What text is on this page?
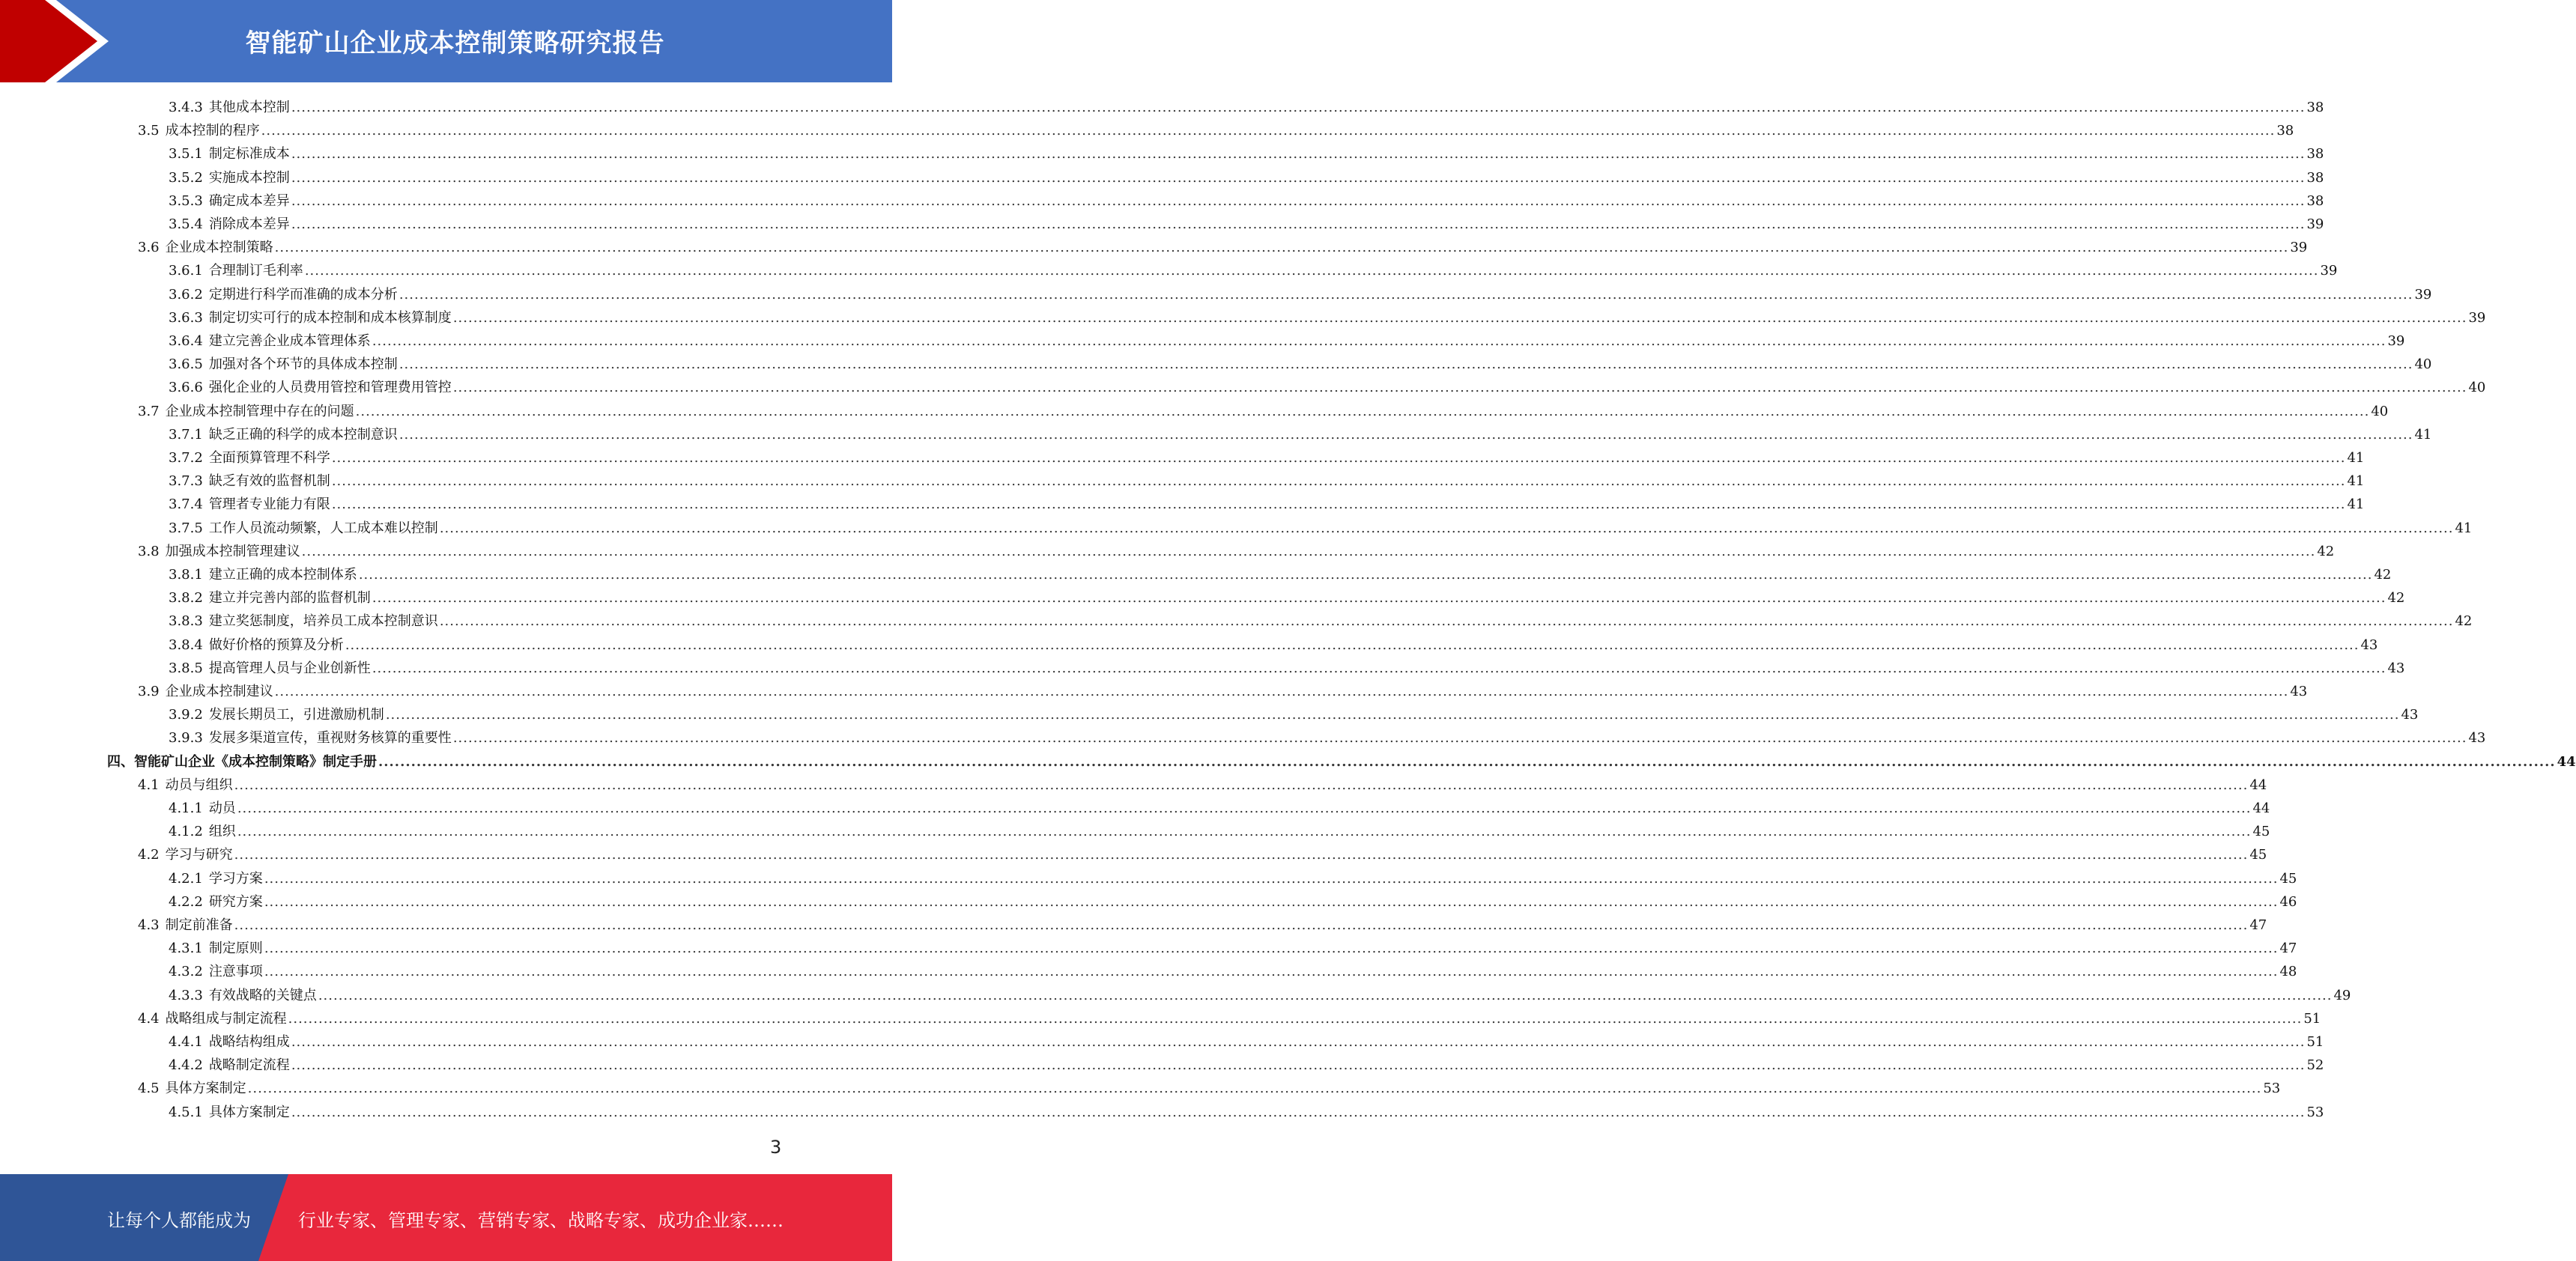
智能矿山企业成本控制策略研究报告
3.4.3 其他成本控制 ................................................................................................................................................................................................................................................................................................................................................................................................................ 38
3.5 成本控制的程序 ................................................................................................................................................................................................................................................................................................................................................................................................................ 38
3.5.1 制定标准成本 ................................................................................................................................................................................................................................................................................................................................................................................................................ 38
3.5.2 实施成本控制 ................................................................................................................................................................................................................................................................................................................................................................................................................ 38
3.5.3 确定成本差异 ................................................................................................................................................................................................................................................................................................................................................................................................................ 38
3.5.4 消除成本差异 ................................................................................................................................................................................................................................................................................................................................................................................................................ 39
3.6 企业成本控制策略 ................................................................................................................................................................................................................................................................................................................................................................................................................ 39
3.6.1 合理制订毛利率 ................................................................................................................................................................................................................................................................................................................................................................................................................ 39
3.6.2 定期进行科学而准确的成本分析 ................................................................................................................................................................................................................................................................................................................................................................................................................ 39
3.6.3 制定切实可行的成本控制和成本核算制度 ................................................................................................................................................................................................................................................................................................................................................................................................................ 39
3.6.4 建立完善企业成本管理体系 ................................................................................................................................................................................................................................................................................................................................................................................................................ 39
3.6.5 加强对各个环节的具体成本控制 ................................................................................................................................................................................................................................................................................................................................................................................................................ 40
3.6.6 强化企业的人员费用管控和管理费用管控 ................................................................................................................................................................................................................................................................................................................................................................................................................ 40
3.7 企业成本控制管理中存在的问题 ................................................................................................................................................................................................................................................................................................................................................................................................................ 40
3.7.1 缺乏正确的科学的成本控制意识 ................................................................................................................................................................................................................................................................................................................................................................................................................ 41
3.7.2 全面预算管理不科学 ................................................................................................................................................................................................................................................................................................................................................................................................................ 41
3.7.3 缺乏有效的监督机制 ................................................................................................................................................................................................................................................................................................................................................................................................................ 41
3.7.4 管理者专业能力有限 ................................................................................................................................................................................................................................................................................................................................................................................................................ 41
3.7.5 工作人员流动频繁，人工成本难以控制 ................................................................................................................................................................................................................................................................................................................................................................................................................ 41
3.8 加强成本控制管理建议 ................................................................................................................................................................................................................................................................................................................................................................................................................ 42
3.8.1 建立正确的成本控制体系 ................................................................................................................................................................................................................................................................................................................................................................................................................ 42
3.8.2 建立并完善内部的监督机制 ................................................................................................................................................................................................................................................................................................................................................................................................................ 42
3.8.3 建立奖惩制度，培养员工成本控制意识 ................................................................................................................................................................................................................................................................................................................................................................................................................ 42
3.8.4 做好价格的预算及分析 ................................................................................................................................................................................................................................................................................................................................................................................................................ 43
3.8.5 提高管理人员与企业创新性 ................................................................................................................................................................................................................................................................................................................................................................................................................ 43
3.9 企业成本控制建议 ................................................................................................................................................................................................................................................................................................................................................................................................................ 43
3.9.2 发展长期员工，引进激励机制 ................................................................................................................................................................................................................................................................................................................................................................................................................ 43
3.9.3 发展多渠道宣传，重视财务核算的重要性 ................................................................................................................................................................................................................................................................................................................................................................................................................ 43
四、智能矿山企业《成本控制策略》制定手册 ................................................................................................................................................................................................................................................................................................................................................................................................................ 44
4.1 动员与组织 ................................................................................................................................................................................................................................................................................................................................................................................................................ 44
4.1.1 动员 ................................................................................................................................................................................................................................................................................................................................................................................................................ 44
4.1.2 组织 ................................................................................................................................................................................................................................................................................................................................................................................................................ 45
4.2 学习与研究 ................................................................................................................................................................................................................................................................................................................................................................................................................ 45
4.2.1 学习方案 ................................................................................................................................................................................................................................................................................................................................................................................................................ 45
4.2.2 研究方案 ................................................................................................................................................................................................................................................................................................................................................................................................................ 46
4.3 制定前准备 ................................................................................................................................................................................................................................................................................................................................................................................................................ 47
4.3.1 制定原则 ................................................................................................................................................................................................................................................................................................................................................................................................................ 47
4.3.2 注意事项 ................................................................................................................................................................................................................................................................................................................................................................................................................ 48
4.3.3 有效战略的关键点 ................................................................................................................................................................................................................................................................................................................................................................................................................ 49
4.4 战略组成与制定流程 ................................................................................................................................................................................................................................................................................................................................................................................................................ 51
4.4.1 战略结构组成 ................................................................................................................................................................................................................................................................................................................................................................................................................ 51
4.4.2 战略制定流程 ................................................................................................................................................................................................................................................................................................................................................................................................................ 52
4.5 具体方案制定 ................................................................................................................................................................................................................................................................................................................................................................................................................ 53
4.5.1 具体方案制定 ................................................................................................................................................................................................................................................................................................................................................................................................................ 53
3
让每个人都能成为	行业专家、管理专家、营销专家、战略专家、成功企业家……
